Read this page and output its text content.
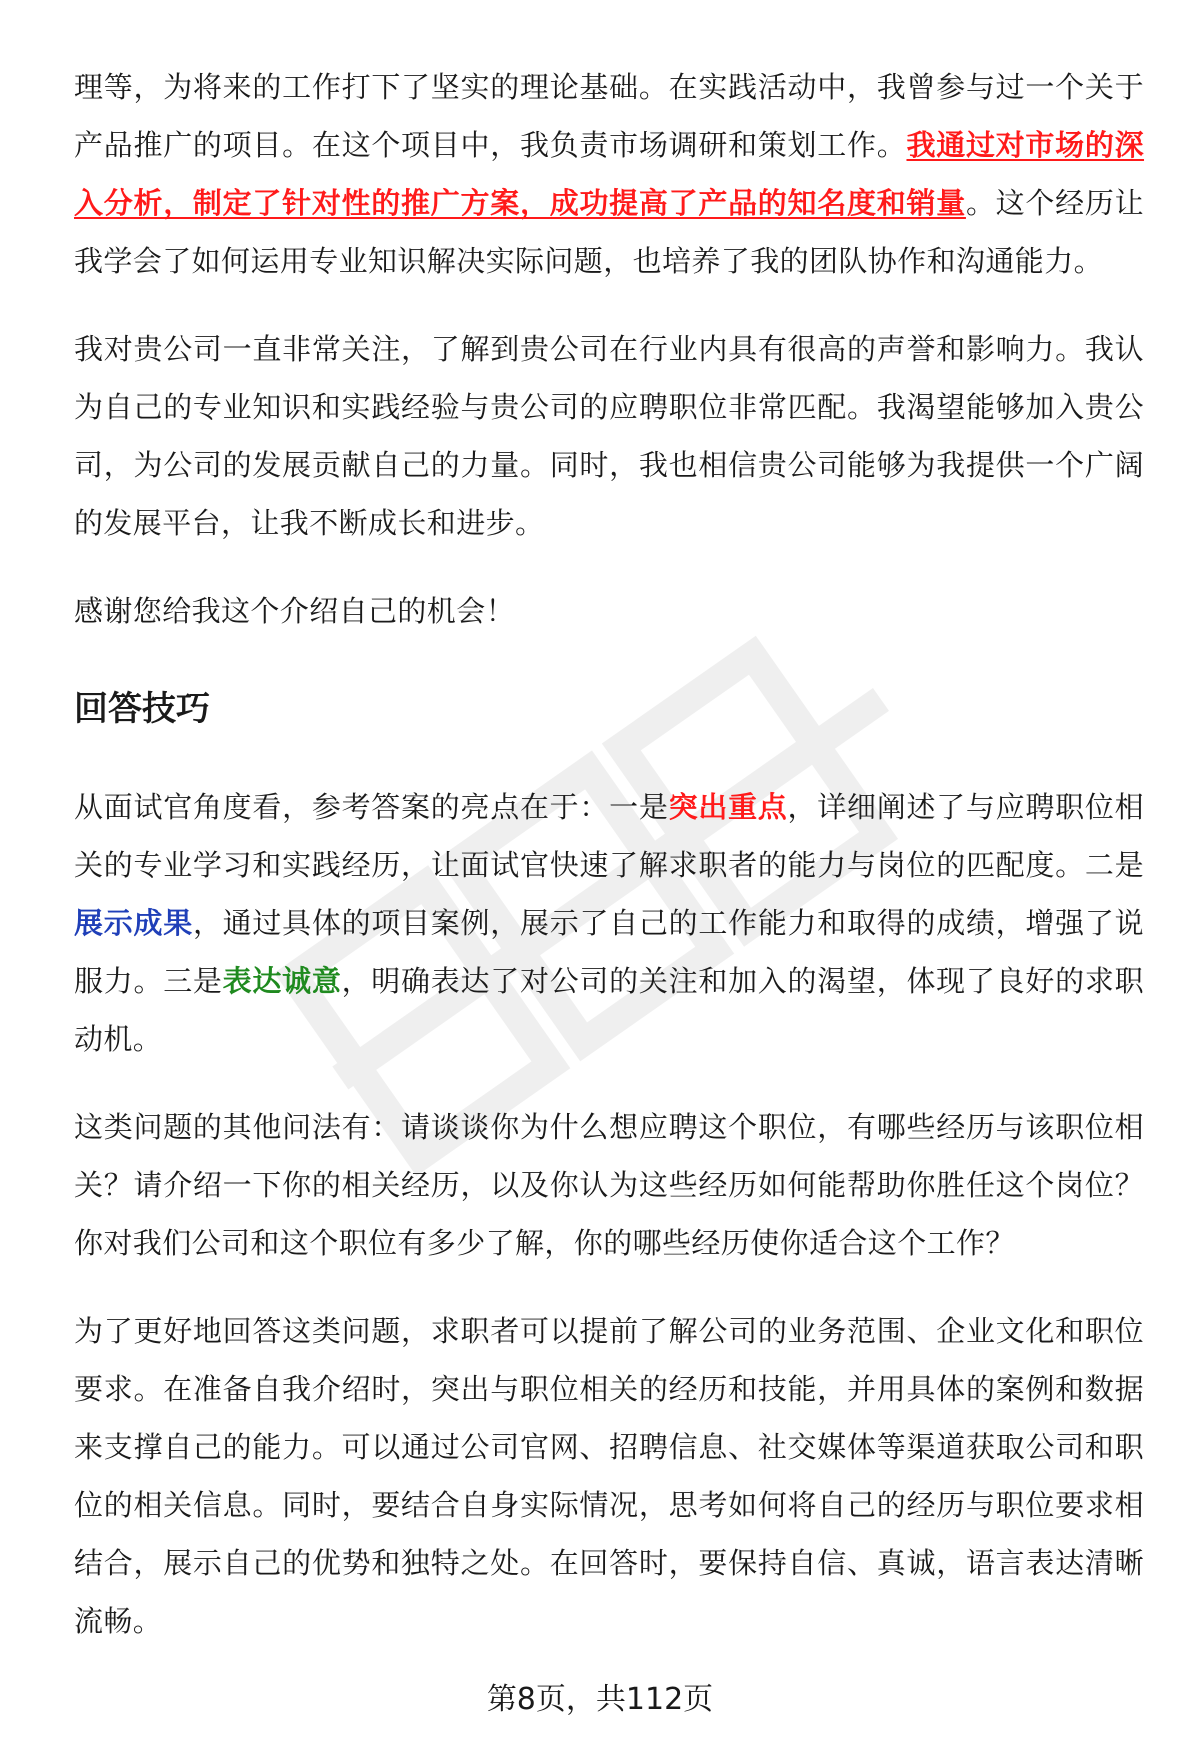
理等，为将来的工作打下了坚实的理论基础。在实践活动中，我曾参与过一个关于产品推广的项目。在这个项目中，我负责市场调研和策划工作。我通过对市场的深入分析，制定了针对性的推广方案，成功提高了产品的知名度和销量。这个经历让我学会了如何运用专业知识解决实际问题，也培养了我的团队协作和沟通能力。

我对贵公司一直非常关注，了解到贵公司在行业内具有很高的声誉和影响力。我认为自己的专业知识和实践经验与贵公司的应聘职位非常匹配。我渴望能够加入贵公司，为公司的发展贡献自己的力量。同时，我也相信贵公司能够为我提供一个广阔的发展平台，让我不断成长和进步。

感谢您给我这个介绍自己的机会！

回答技巧

从面试官角度看，参考答案的亮点在于：一是突出重点，详细阐述了与应聘职位相关的专业学习和实践经历，让面试官快速了解求职者的能力与岗位的匹配度。二是展示成果，通过具体的项目案例，展示了自己的工作能力和取得的成绩，增强了说服力。三是表达诚意，明确表达了对公司的关注和加入的渴望，体现了良好的求职动机。

这类问题的其他问法有：请谈谈你为什么想应聘这个职位，有哪些经历与该职位相关？请介绍一下你的相关经历，以及你认为这些经历如何能帮助你胜任这个岗位？你对我们公司和这个职位有多少了解，你的哪些经历使你适合这个工作？

为了更好地回答这类问题，求职者可以提前了解公司的业务范围、企业文化和职位要求。在准备自我介绍时，突出与职位相关的经历和技能，并用具体的案例和数据来支撑自己的能力。可以通过公司官网、招聘信息、社交媒体等渠道获取公司和职位的相关信息。同时，要结合自身实际情况，思考如何将自己的经历与职位要求相结合，展示自己的优势和独特之处。在回答时，要保持自信、真诚，语言表达清晰流畅。

第8页，共112页
